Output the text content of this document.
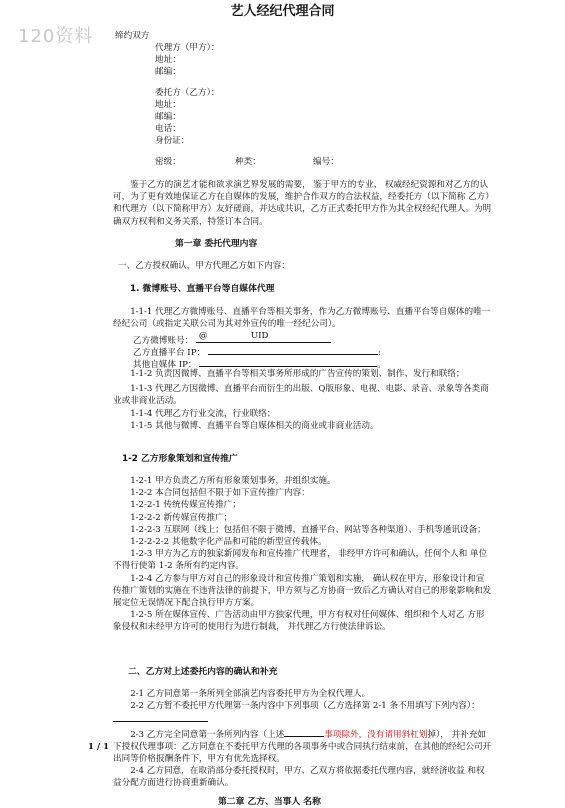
120资料
艺人经纪代理合同
缔约双方
代理方（甲方）：
地址：
邮编：
委托方（乙方）：
地址：
邮编：
电话：
身份证：
密级：	种类：	编号：

鉴于乙方的演艺才能和欲求演艺界发展的需要， 鉴于甲方的专业、 权威经纪资源和对乙方的认可，为了更有效地保证乙方在自媒体的发展，维护合作双方的合法权益，经委托方（以下简称 乙方）和代理方（以下简称甲方）友好磋商，并达成共识，乙方正式委托甲方作为其全权经纪代理人。为明确双方权利和义务关系，特签订本合同。

第一章 委托代理内容
一、乙方授权确认，甲方代理乙方如下内容：
1. 微博账号、直播平台等自媒体代理

1-1-1 代理乙方微博账号、直播平台等相关事务，作为乙方微博账号、直播平台等自媒体的唯一经纪公司（或指定关联公司为其对外宣传的唯一经纪公司）。

乙方微博账号：
@	UID
乙方直播平台 IP：	:
其他自媒体 IP：	。

1-1-2 负责因微博、直播平台等相关事务所形成的广告宣传的策划、制作、发行和联络；

1-1-3 代理乙方因微博、直播平台而衍生的出版、Q版形象、电视、电影、录音、录象等各类商业或非商业活动。

1-1-4 代理乙方行业交流，行业联络；

1-1-5 其他与微博、直播平台等自媒体相关的商业或非商业活动。

1-2 乙方形象策划和宣传推广

1-2-1 甲方负责乙方所有形象策划事务，并组织实施。

1-2-2 本合同包括但不限于如下宣传推广内容：

1-2-2-1 传统传媒宣传推广；

1-2-2-2 新传媒宣传推广；

1-2-2-3 互联网（线上；包括但不限于微博、直播平台、网站等各种渠道）、手机等通讯设备；

1-2-2-2-2 其他数字化产品和可能的新型宣传载体。

1-2-3 甲方为乙方的独家新闻发布和宣传推广代理者， 非经甲方许可和确认，任何个人和 单位不得行使第 1-2 条所有约定内容。

1-2-4 乙方参与甲方对自己的形象设计和宣传推广策划和实施， 确认权在甲方，形象设计和宣传推广策划的实施在不违背法律的前提下，甲方须与乙方协商一致后乙方确认对自己的形象影响和发展定位无误情况下配合执行甲方方案。

1-2-5 所在媒体宣传、广告活动由甲方独家代理，甲方有权对任何媒体、组织和个人对乙 方形象侵权和未经甲方许可的使用行为进行制裁， 并代理乙方行使法律诉讼。

二、乙方对上述委托内容的确认和补充

2-1 乙方同意第一条所列全部演艺内容委托甲方为全权代理人。

2-2 乙方暂不委托甲方代理第一条内容中下列事项（乙方选择第 2-1 条不用填写下列内容）：

2-3 乙方完全同意第一条所列内容（上述	事项除外，没有请用斜杠划掉）， 并补充如下授权代理事项：乙方同意在不委托甲方代理的各项事务中或合同执行结束前，在其他的经纪公司开出同等价格报酬条件下，甲方有优先选择权。

2-4 乙方同意，在取消部分委托授权时，甲方、乙双方将依据委托代理内容，就经济收益 和权益分配方面进行协商重新确认。

1 / 1
第二章 乙方、当事人 名称
